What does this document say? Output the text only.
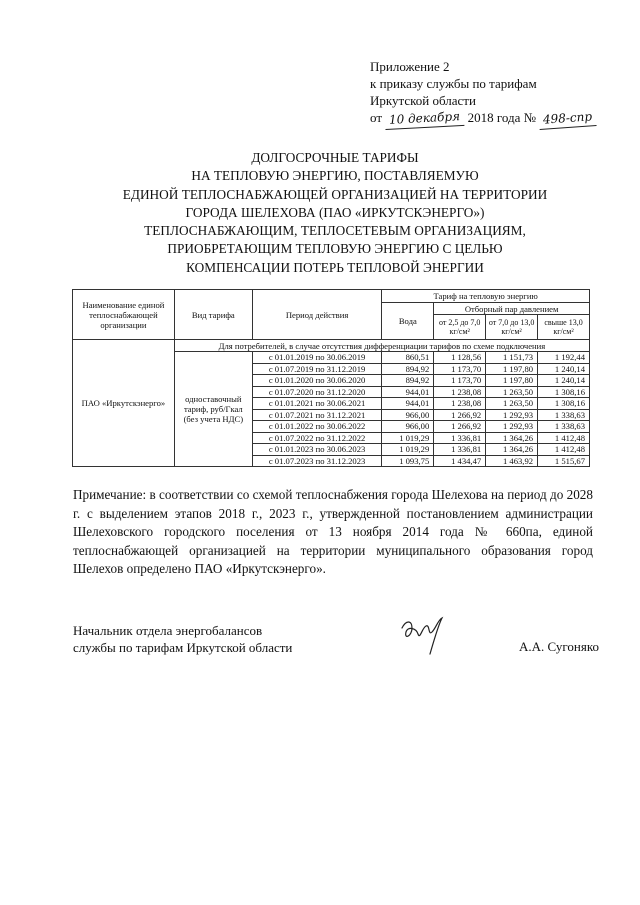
Приложение 2
к приказу службы по тарифам
Иркутской области
от 10 декабря 2018 года № 498-спр
ДОЛГОСРОЧНЫЕ ТАРИФЫ
НА ТЕПЛОВУЮ ЭНЕРГИЮ, ПОСТАВЛЯЕМУЮ
ЕДИНОЙ ТЕПЛОСНАБЖАЮЩЕЙ ОРГАНИЗАЦИЕЙ НА ТЕРРИТОРИИ
ГОРОДА ШЕЛЕХОВА (ПАО «ИРКУТСКЭНЕРГО»)
ТЕПЛОСНАБЖАЮЩИМ, ТЕПЛОСЕТЕВЫМ ОРГАНИЗАЦИЯМ,
ПРИОБРЕТАЮЩИМ ТЕПЛОВУЮ ЭНЕРГИЮ С ЦЕЛЬЮ
КОМПЕНСАЦИИ ПОТЕРЬ ТЕПЛОВОЙ ЭНЕРГИИ
Наименование единой теплоснабжающей организации	Вид тарифа	Период действия	Тариф на тепловую энергию			
			Вода	Отборный пар давлением		
				от 2,5 до 7,0 кг/см²	от 7,0 до 13,0 кг/см²	свыше 13,0 кг/см²
ПАО «Иркутскэнерго»	Для потребителей, в случае отсутствия дифференциации тарифов по схеме подключения					
	одноставочный тариф, руб/Гкал (без учета НДС)	с 01.01.2019 по 30.06.2019	860,51	1 128,56	1 151,73	1 192,44
		с 01.07.2019 по 31.12.2019	894,92	1 173,70	1 197,80	1 240,14
		с 01.01.2020 по 30.06.2020	894,92	1 173,70	1 197,80	1 240,14
		с 01.07.2020 по 31.12.2020	944,01	1 238,08	1 263,50	1 308,16
		с 01.01.2021 по 30.06.2021	944,01	1 238,08	1 263,50	1 308,16
		с 01.07.2021 по 31.12.2021	966,00	1 266,92	1 292,93	1 338,63
		с 01.01.2022 по 30.06.2022	966,00	1 266,92	1 292,93	1 338,63
		с 01.07.2022 по 31.12.2022	1 019,29	1 336,81	1 364,26	1 412,48
		с 01.01.2023 по 30.06.2023	1 019,29	1 336,81	1 364,26	1 412,48
		с 01.07.2023 по 31.12.2023	1 093,75	1 434,47	1 463,92	1 515,67
Примечание: в соответствии со схемой теплоснабжения города Шелехова на период до 2028 г. с выделением этапов 2018 г., 2023 г., утвержденной постановлением администрации Шелеховского городского поселения от 13 ноября 2014 года № 660па, единой теплоснабжающей организацией на территории муниципального образования город Шелехов определено ПАО «Иркутскэнерго».
Начальник отдела энергобалансов
службы по тарифам Иркутской области	А.А. Сугоняко
